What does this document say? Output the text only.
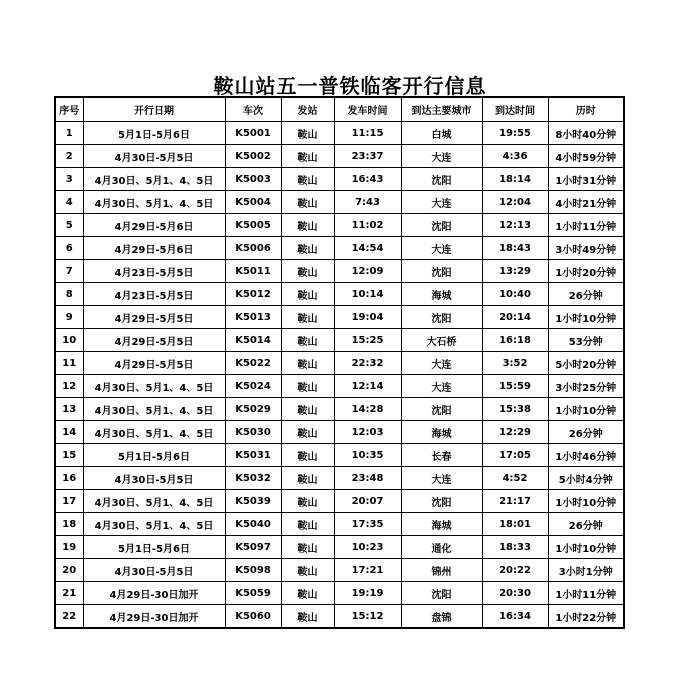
鞍山站五一普铁临客开行信息
序号	开行日期	车次	发站	发车时间	到达主要城市	到达时间	历时
1	5月1日-5月6日	K5001	鞍山	11:15	白城	19:55	8小时40分钟
2	4月30日-5月5日	K5002	鞍山	23:37	大连	4:36	4小时59分钟
3	4月30日、5月1、4、5日	K5003	鞍山	16:43	沈阳	18:14	1小时31分钟
4	4月30日、5月1、4、5日	K5004	鞍山	7:43	大连	12:04	4小时21分钟
5	4月29日-5月6日	K5005	鞍山	11:02	沈阳	12:13	1小时11分钟
6	4月29日-5月6日	K5006	鞍山	14:54	大连	18:43	3小时49分钟
7	4月23日-5月5日	K5011	鞍山	12:09	沈阳	13:29	1小时20分钟
8	4月23日-5月5日	K5012	鞍山	10:14	海城	10:40	26分钟
9	4月29日-5月5日	K5013	鞍山	19:04	沈阳	20:14	1小时10分钟
10	4月29日-5月5日	K5014	鞍山	15:25	大石桥	16:18	53分钟
11	4月29日-5月5日	K5022	鞍山	22:32	大连	3:52	5小时20分钟
12	4月30日、5月1、4、5日	K5024	鞍山	12:14	大连	15:59	3小时25分钟
13	4月30日、5月1、4、5日	K5029	鞍山	14:28	沈阳	15:38	1小时10分钟
14	4月30日、5月1、4、5日	K5030	鞍山	12:03	海城	12:29	26分钟
15	5月1日-5月6日	K5031	鞍山	10:35	长春	17:05	1小时46分钟
16	4月30日-5月5日	K5032	鞍山	23:48	大连	4:52	5小时4分钟
17	4月30日、5月1、4、5日	K5039	鞍山	20:07	沈阳	21:17	1小时10分钟
18	4月30日、5月1、4、5日	K5040	鞍山	17:35	海城	18:01	26分钟
19	5月1日-5月6日	K5097	鞍山	10:23	通化	18:33	1小时10分钟
20	4月30日-5月5日	K5098	鞍山	17:21	锦州	20:22	3小时1分钟
21	4月29日-30日加开	K5059	鞍山	19:19	沈阳	20:30	1小时11分钟
22	4月29日-30日加开	K5060	鞍山	15:12	盘锦	16:34	1小时22分钟
